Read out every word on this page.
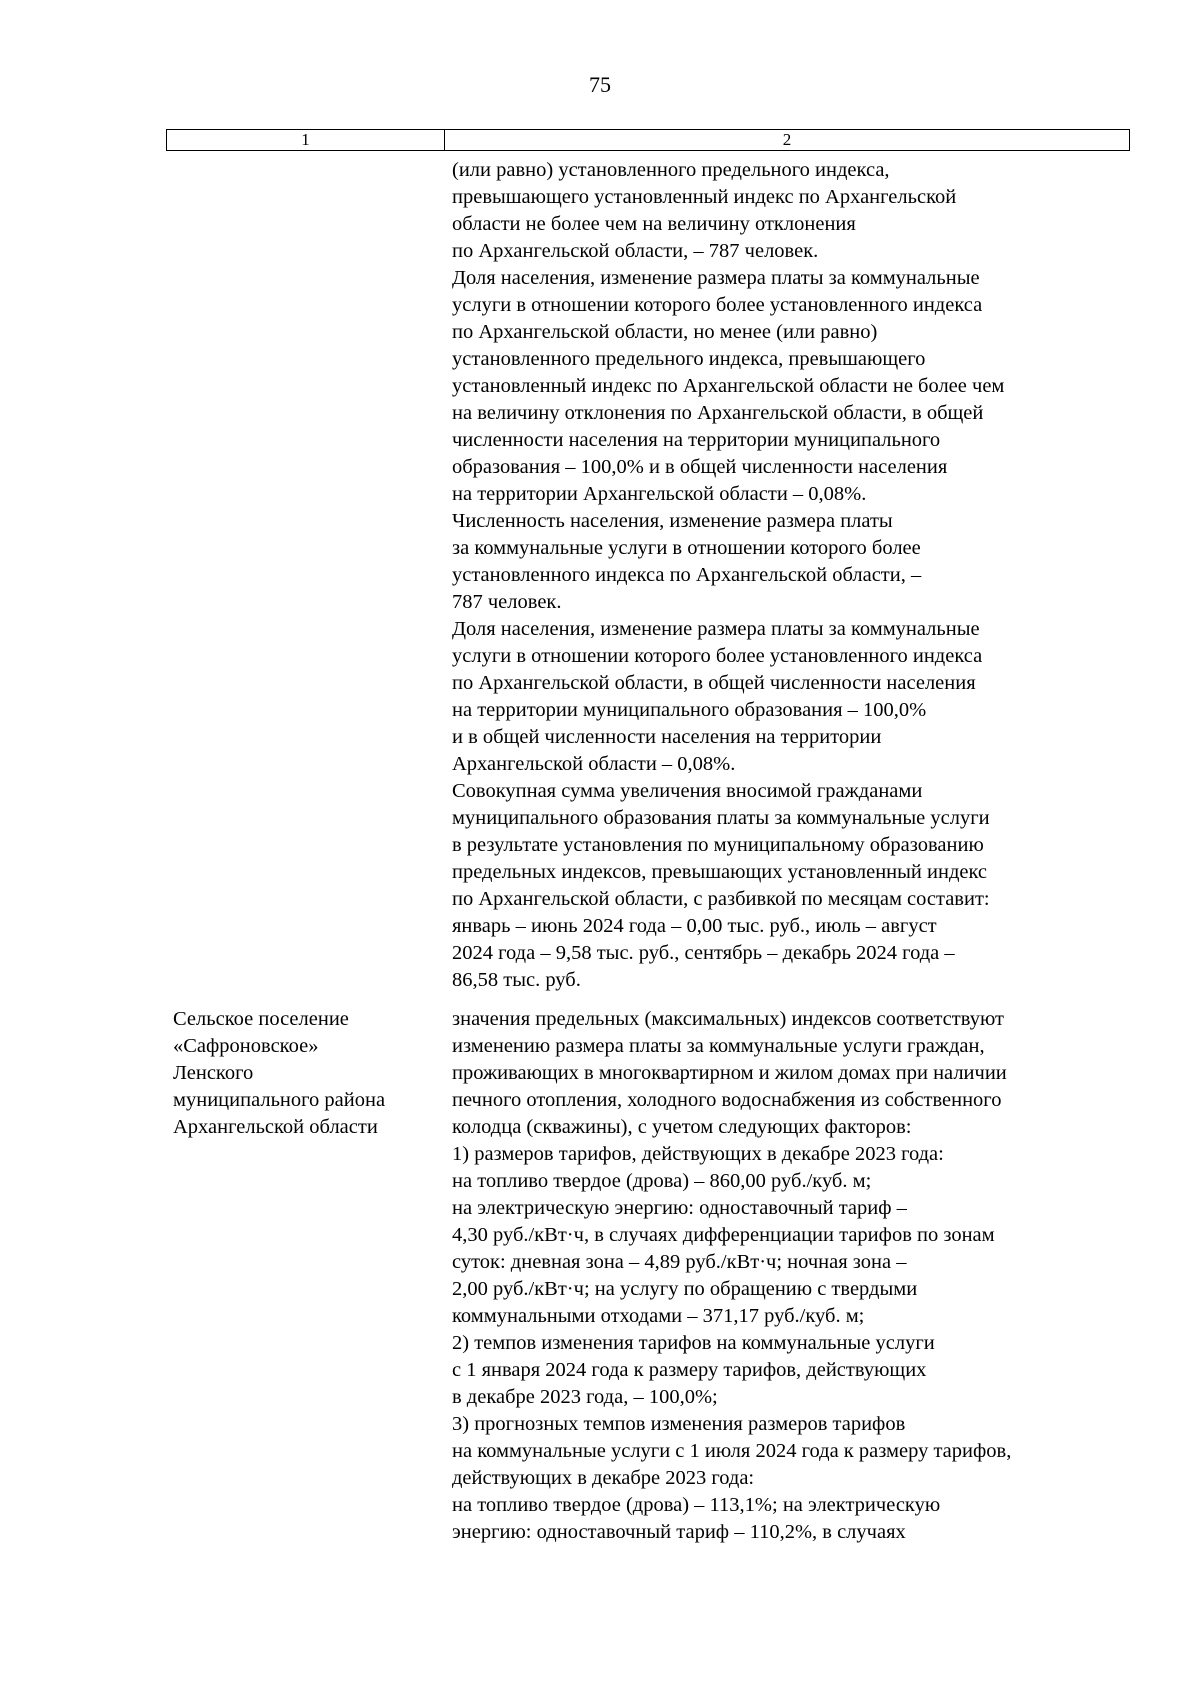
75
1	2
(или равно) установленного предельного индекса,
превышающего установленный индекс по Архангельской
области не более чем на величину отклонения
по Архангельской области, – 787 человек.
Доля населения, изменение размера платы за коммунальные
услуги в отношении которого более установленного индекса
по Архангельской области, но менее (или равно)
установленного предельного индекса, превышающего
установленный индекс по Архангельской области не более чем
на величину отклонения по Архангельской области, в общей
численности населения на территории муниципального
образования – 100,0% и в общей численности населения
на территории Архангельской области – 0,08%.
Численность населения, изменение размера платы
за коммунальные услуги в отношении которого более
установленного индекса по Архангельской области, –
787 человек.
Доля населения, изменение размера платы за коммунальные
услуги в отношении которого более установленного индекса
по Архангельской области, в общей численности населения
на территории муниципального образования – 100,0%
и в общей численности населения на территории
Архангельской области – 0,08%.
Совокупная сумма увеличения вносимой гражданами
муниципального образования платы за коммунальные услуги
в результате установления по муниципальному образованию
предельных индексов, превышающих установленный индекс
по Архангельской области, с разбивкой по месяцам составит:
январь – июнь 2024 года – 0,00 тыс. руб., июль – август
2024 года – 9,58 тыс. руб., сентябрь – декабрь 2024 года –
86,58 тыс. руб.
Сельское поселение
«Сафроновское»
Ленского
муниципального района
Архангельской области
значения предельных (максимальных) индексов соответствуют
изменению размера платы за коммунальные услуги граждан,
проживающих в многоквартирном и жилом домах при наличии
печного отопления, холодного водоснабжения из собственного
колодца (скважины), с учетом следующих факторов:
1) размеров тарифов, действующих в декабре 2023 года:
на топливо твердое (дрова) – 860,00 руб./куб. м;
на электрическую энергию: одноставочный тариф –
4,30 руб./кВт·ч, в случаях дифференциации тарифов по зонам
суток: дневная зона – 4,89 руб./кВт·ч; ночная зона –
2,00 руб./кВт·ч; на услугу по обращению с твердыми
коммунальными отходами – 371,17 руб./куб. м;
2) темпов изменения тарифов на коммунальные услуги
с 1 января 2024 года к размеру тарифов, действующих
в декабре 2023 года, – 100,0%;
3) прогнозных темпов изменения размеров тарифов
на коммунальные услуги с 1 июля 2024 года к размеру тарифов,
действующих в декабре 2023 года:
на топливо твердое (дрова) – 113,1%; на электрическую
энергию: одноставочный тариф – 110,2%, в случаях
